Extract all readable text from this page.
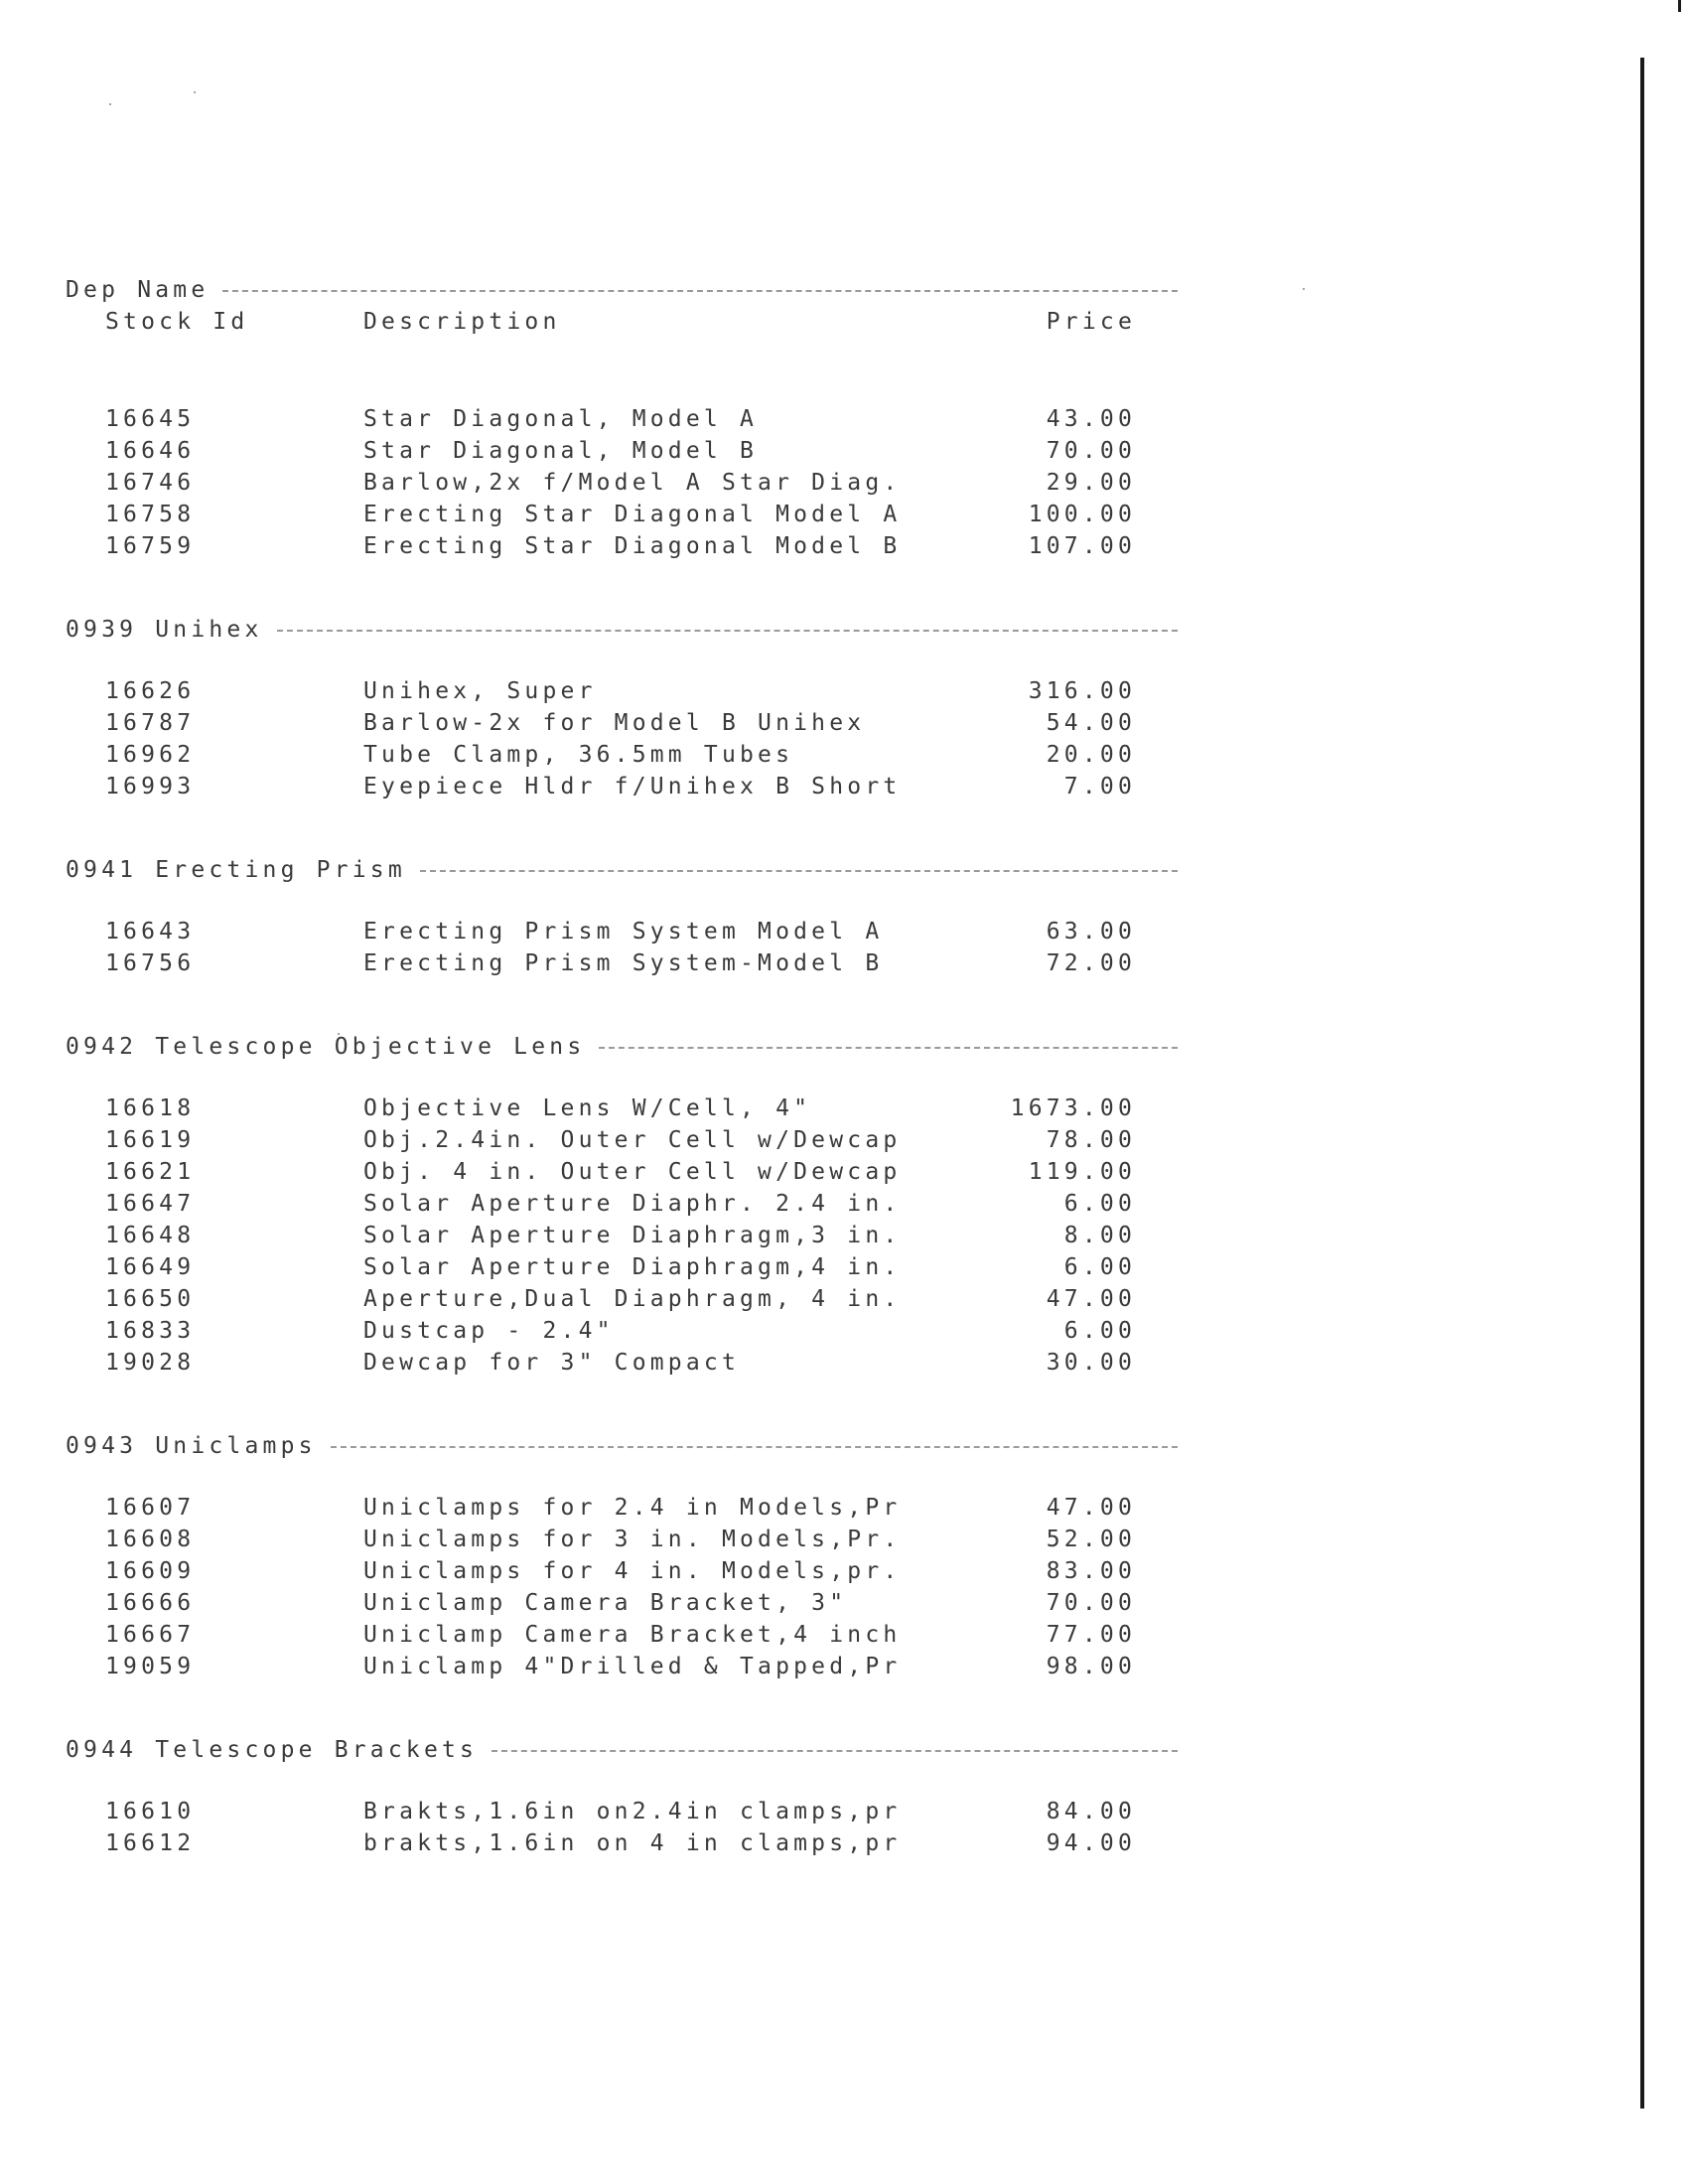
Dep Name
Stock Id	Description	Price
16645	Star Diagonal, Model A	43.00
16646	Star Diagonal, Model B	70.00
16746	Barlow,2x f/Model A Star Diag.	29.00
16758	Erecting Star Diagonal Model A	100.00
16759	Erecting Star Diagonal Model B	107.00
0939 Unihex
16626	Unihex, Super	316.00
16787	Barlow-2x for Model B Unihex	54.00
16962	Tube Clamp, 36.5mm Tubes	20.00
16993	Eyepiece Hldr f/Unihex B Short	7.00
0941 Erecting Prism
16643	Erecting Prism System Model A	63.00
16756	Erecting Prism System-Model B	72.00
0942 Telescope Objective Lens
16618	Objective Lens W/Cell, 4"	1673.00
16619	Obj.2.4in. Outer Cell w/Dewcap	78.00
16621	Obj. 4 in. Outer Cell w/Dewcap	119.00
16647	Solar Aperture Diaphr. 2.4 in.	6.00
16648	Solar Aperture Diaphragm,3 in.	8.00
16649	Solar Aperture Diaphragm,4 in.	6.00
16650	Aperture,Dual Diaphragm, 4 in.	47.00
16833	Dustcap - 2.4"	6.00
19028	Dewcap for 3" Compact	30.00
0943 Uniclamps
16607	Uniclamps for 2.4 in Models,Pr	47.00
16608	Uniclamps for 3 in. Models,Pr.	52.00
16609	Uniclamps for 4 in. Models,pr.	83.00
16666	Uniclamp Camera Bracket, 3"	70.00
16667	Uniclamp Camera Bracket,4 inch	77.00
19059	Uniclamp 4"Drilled & Tapped,Pr	98.00
0944 Telescope Brackets
16610	Brakts,1.6in on2.4in clamps,pr	84.00
16612	brakts,1.6in on 4 in clamps,pr	94.00
